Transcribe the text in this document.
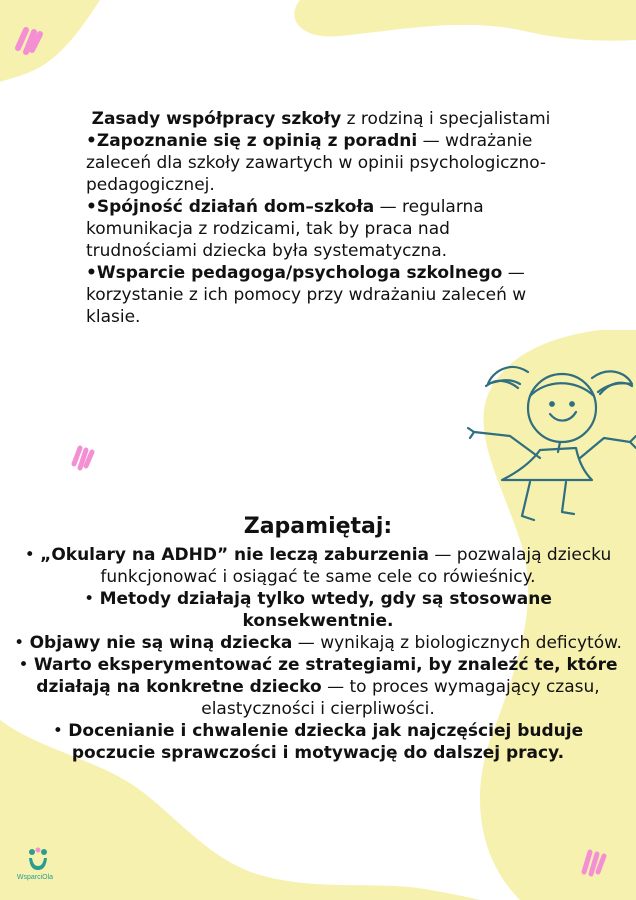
Zasady współpracy szkoły z rodziną i specjalistami
•Zapoznanie się z opinią z poradni — wdrażanie zaleceń dla szkoły zawartych w opinii psychologiczno-pedagogicznej.
•Spójność działań dom–szkoła — regularna komunikacja z rodzicami, tak by praca nad trudnościami dziecka była systematyczna.
•Wsparcie pedagoga/psychologa szkolnego — korzystanie z ich pomocy przy wdrażaniu zaleceń w klasie.
Zapamiętaj:
• „Okulary na ADHD” nie leczą zaburzenia — pozwalają dziecku funkcjonować i osiągać te same cele co rówieśnicy.
• Metody działają tylko wtedy, gdy są stosowane konsekwentnie.
• Objawy nie są winą dziecka — wynikają z biologicznych deficytów.
• Warto eksperymentować ze strategiami, by znaleźć te, które działają na konkretne dziecko — to proces wymagający czasu, elastyczności i cierpliwości.
• Docenianie i chwalenie dziecka jak najczęściej buduje poczucie sprawczości i motywację do dalszej pracy.
WsparciOla
